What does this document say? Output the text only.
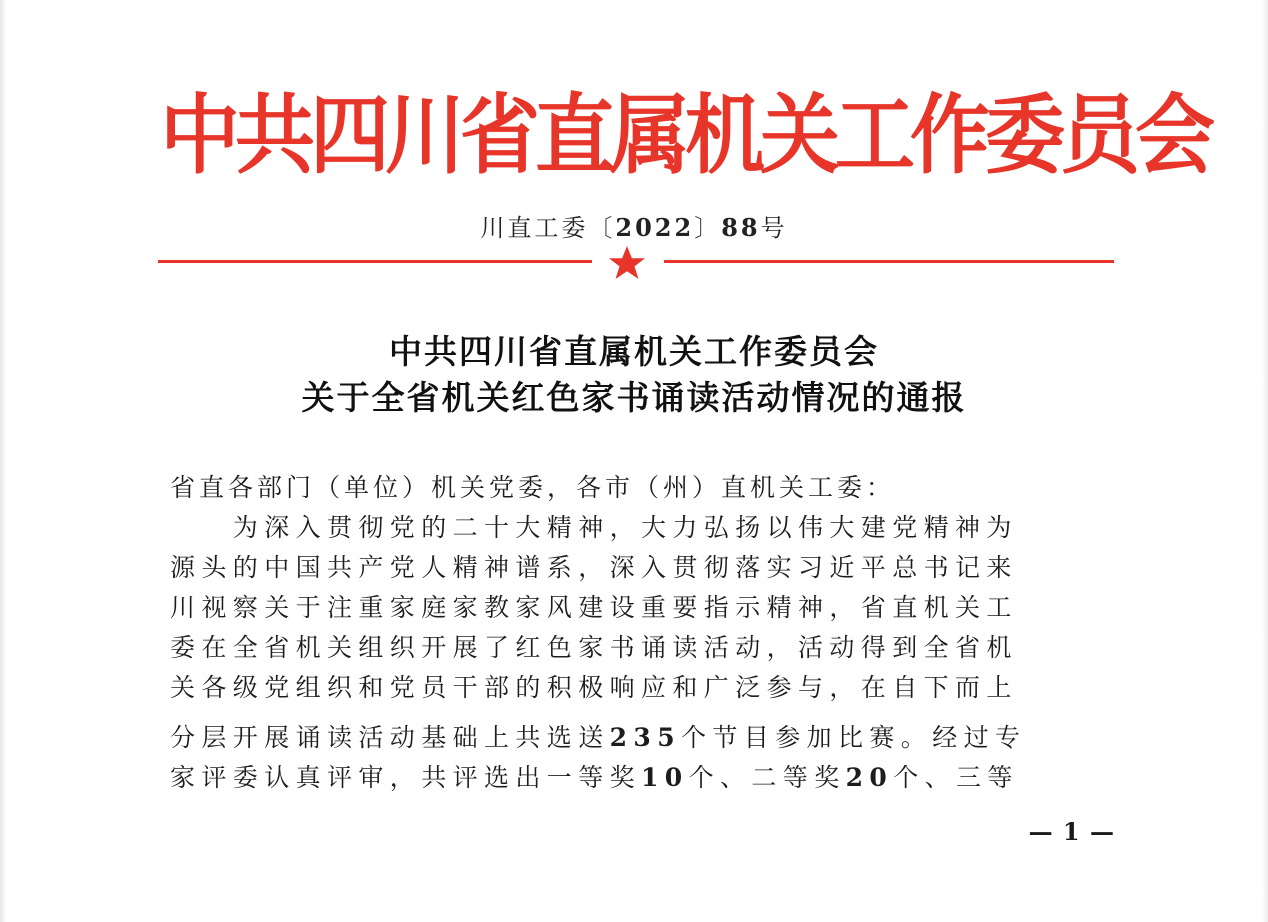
中共四川省直属机关工作委员会
川直工委〔2022〕88号
中共四川省直属机关工作委员会
关于全省机关红色家书诵读活动情况的通报
省直各部门（单位）机关党委，各市（州）直机关工委：
　　为深入贯彻党的二十大精神，大力弘扬以伟大建党精神为
源头的中国共产党人精神谱系，深入贯彻落实习近平总书记来
川视察关于注重家庭家教家风建设重要指示精神，省直机关工
委在全省机关组织开展了红色家书诵读活动，活动得到全省机
关各级党组织和党员干部的积极响应和广泛参与，在自下而上
分层开展诵读活动基础上共选送235个节目参加比赛。经过专
家评委认真评审，共评选出一等奖10个、二等奖20个、三等
— 1 —
